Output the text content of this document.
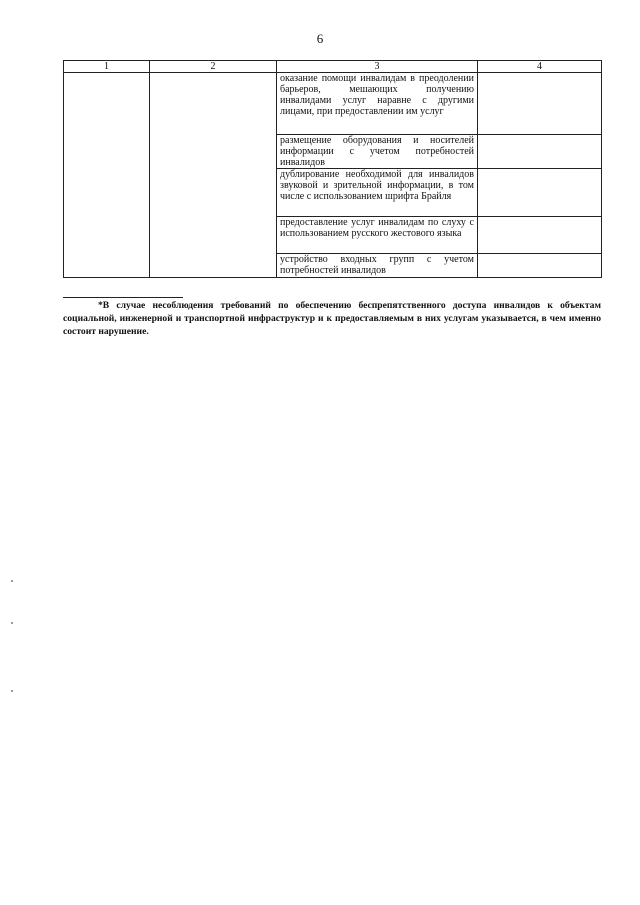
6
1	2	3	4
		оказание помощи инвалидам в преодолении барьеров, мешающих получению инвалидами услуг наравне с другими лицами, при предоставлении им услуг	
		размещение оборудования и носителей информации с учетом потребностей инвалидов	
		дублирование необходимой для инвалидов звуковой и зрительной информации, в том числе с использованием шрифта Брайля	
		предоставление услуг инвалидам по слуху с использованием русского жестового языка	
		устройство входных групп с учетом потребностей инвалидов	
*В случае несоблюдения требований по обеспечению беспрепятственного доступа инвалидов к объектам социальной, инженерной и транспортной инфраструктур и к предоставляемым в них услугам указывается, в чем именно состоит нарушение.
